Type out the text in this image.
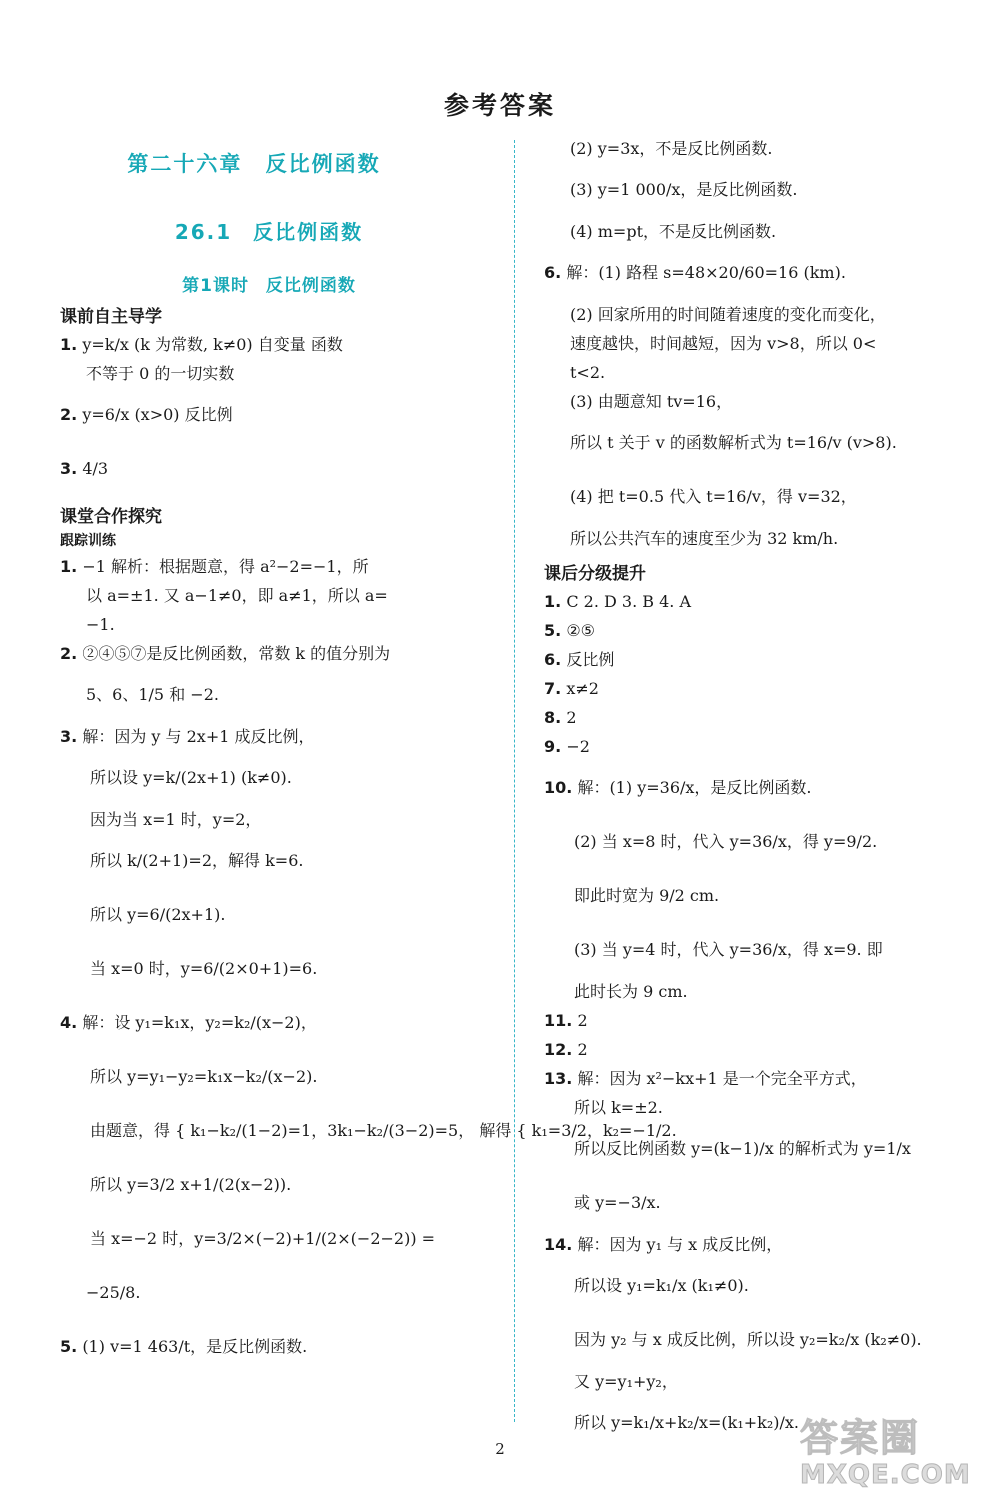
参考答案
第二十六章 反比例函数
26.1 反比例函数
第1课时 反比例函数
课前自主导学
1. y=k/x (k 为常数, k≠0) 自变量 函数
不等于 0 的一切实数
2. y=6/x (x>0) 反比例
3. 4/3
课堂合作探究
跟踪训练
1. −1 解析：根据题意，得 a²−2=−1，所
以 a=±1. 又 a−1≠0，即 a≠1，所以 a=
−1.
2. ②④⑤⑦是反比例函数，常数 k 的值分别为
5、6、1/5 和 −2.
3. 解：因为 y 与 2x+1 成反比例，
所以设 y=k/(2x+1) (k≠0).
因为当 x=1 时，y=2，
所以 k/(2+1)=2，解得 k=6.
所以 y=6/(2x+1).
当 x=0 时，y=6/(2×0+1)=6.
4. 解：设 y₁=k₁x，y₂=k₂/(x−2)，
所以 y=y₁−y₂=k₁x−k₂/(x−2).
由题意，得 { k₁−k₂/(1−2)=1，3k₁−k₂/(3−2)=5， 解得 { k₁=3/2，k₂=−1/2.
所以 y=3/2 x+1/(2(x−2)).
当 x=−2 时，y=3/2×(−2)+1/(2×(−2−2)) =
−25/8.
5. (1) v=1 463/t，是反比例函数.
(2) y=3x，不是反比例函数.
(3) y=1 000/x，是反比例函数.
(4) m=pt，不是反比例函数.
6. 解：(1) 路程 s=48×20/60=16 (km).
(2) 回家所用的时间随着速度的变化而变化，
速度越快，时间越短，因为 v>8，所以 0<
t<2.
(3) 由题意知 tv=16，
所以 t 关于 v 的函数解析式为 t=16/v (v>8).
(4) 把 t=0.5 代入 t=16/v，得 v=32，
所以公共汽车的速度至少为 32 km/h.
课后分级提升
1. C 2. D 3. B 4. A
5. ②⑤
6. 反比例
7. x≠2
8. 2
9. −2
10. 解：(1) y=36/x，是反比例函数.
(2) 当 x=8 时，代入 y=36/x，得 y=9/2.
即此时宽为 9/2 cm.
(3) 当 y=4 时，代入 y=36/x，得 x=9. 即
此时长为 9 cm.
11. 2
12. 2
13. 解：因为 x²−kx+1 是一个完全平方式，
所以 k=±2.
所以反比例函数 y=(k−1)/x 的解析式为 y=1/x
或 y=−3/x.
14. 解：因为 y₁ 与 x 成反比例，
所以设 y₁=k₁/x (k₁≠0).
因为 y₂ 与 x 成反比例，所以设 y₂=k₂/x (k₂≠0).
又 y=y₁+y₂，
所以 y=k₁/x+k₂/x=(k₁+k₂)/x.
2	答案圈
MXQE.COM
